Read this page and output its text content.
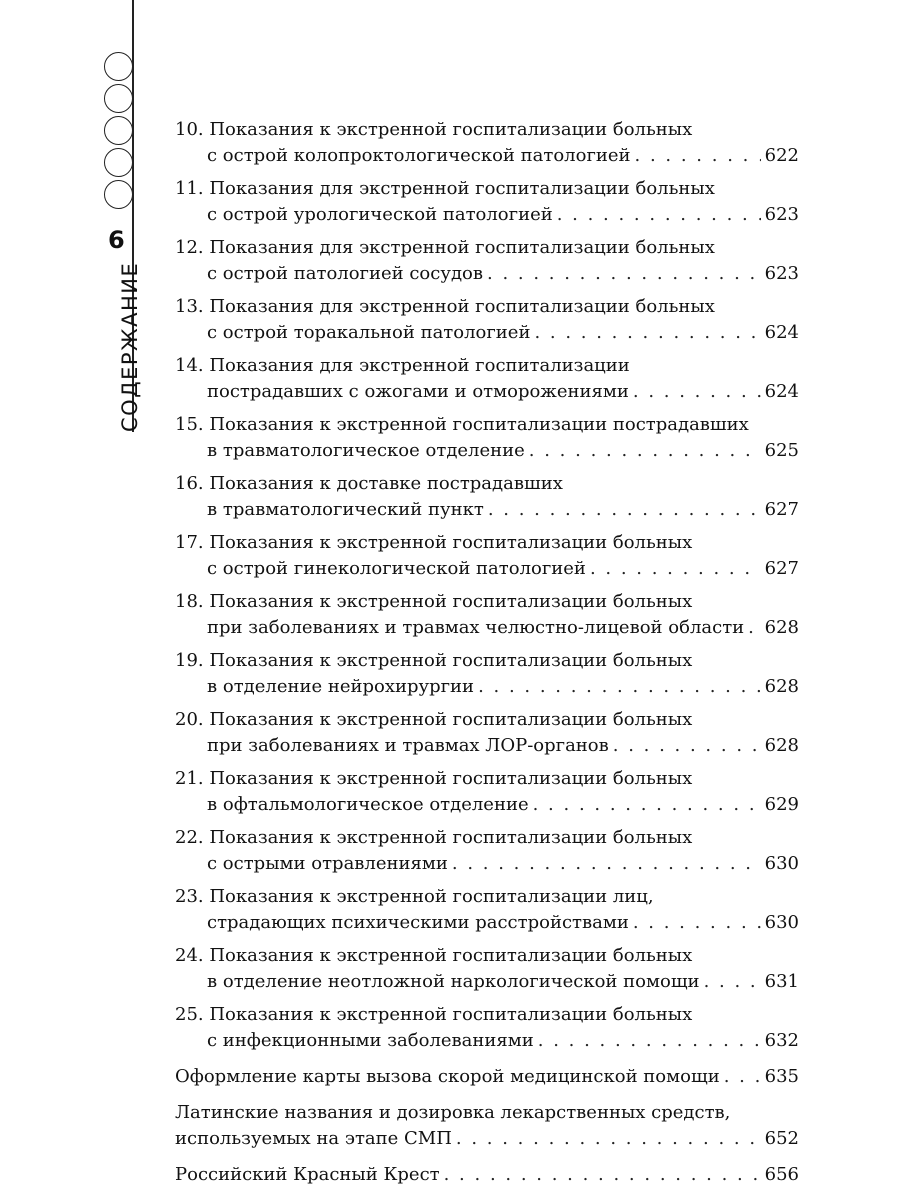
6
СОДЕРЖАНИЕ
10. Показания к экстренной госпитализации больных
с острой колопроктологической патологией . . .	622
11. Показания для экстренной госпитализации больных
с острой урологической патологией . . .	623
12. Показания для экстренной госпитализации больных
с острой патологией сосудов . . .	623
13. Показания для экстренной госпитализации больных
с острой торакальной патологией . . .	624
14. Показания для экстренной госпитализации
пострадавших с ожогами и отморожениями . . .	624
15. Показания к экстренной госпитализации пострадавших
в травматологическое отделение . . .	625
16. Показания к доставке пострадавших
в травматологический пункт . . .	627
17. Показания к экстренной госпитализации больных
с острой гинекологической патологией . . .	627
18. Показания к экстренной госпитализации больных
при заболеваниях и травмах челюстно-лицевой области . . . 628
19. Показания к экстренной госпитализации больных
в отделение нейрохирургии . . .	628
20. Показания к экстренной госпитализации больных
при заболеваниях и травмах ЛОР-органов . . .	628
21. Показания к экстренной госпитализации больных
в офтальмологическое отделение . . .	629
22. Показания к экстренной госпитализации больных
с острыми отравлениями . . .	630
23. Показания к экстренной госпитализации лиц,
страдающих психическими расстройствами . . .	630
24. Показания к экстренной госпитализации больных
в отделение неотложной наркологической помощи . . .	631
25. Показания к экстренной госпитализации больных
с инфекционными заболеваниями . . .	632
Оформление карты вызова скорой медицинской помощи . . . 635
Латинские названия и дозировка лекарственных средств,
используемых на этапе СМП . . .	652
Российский Красный Крест . . .	656
